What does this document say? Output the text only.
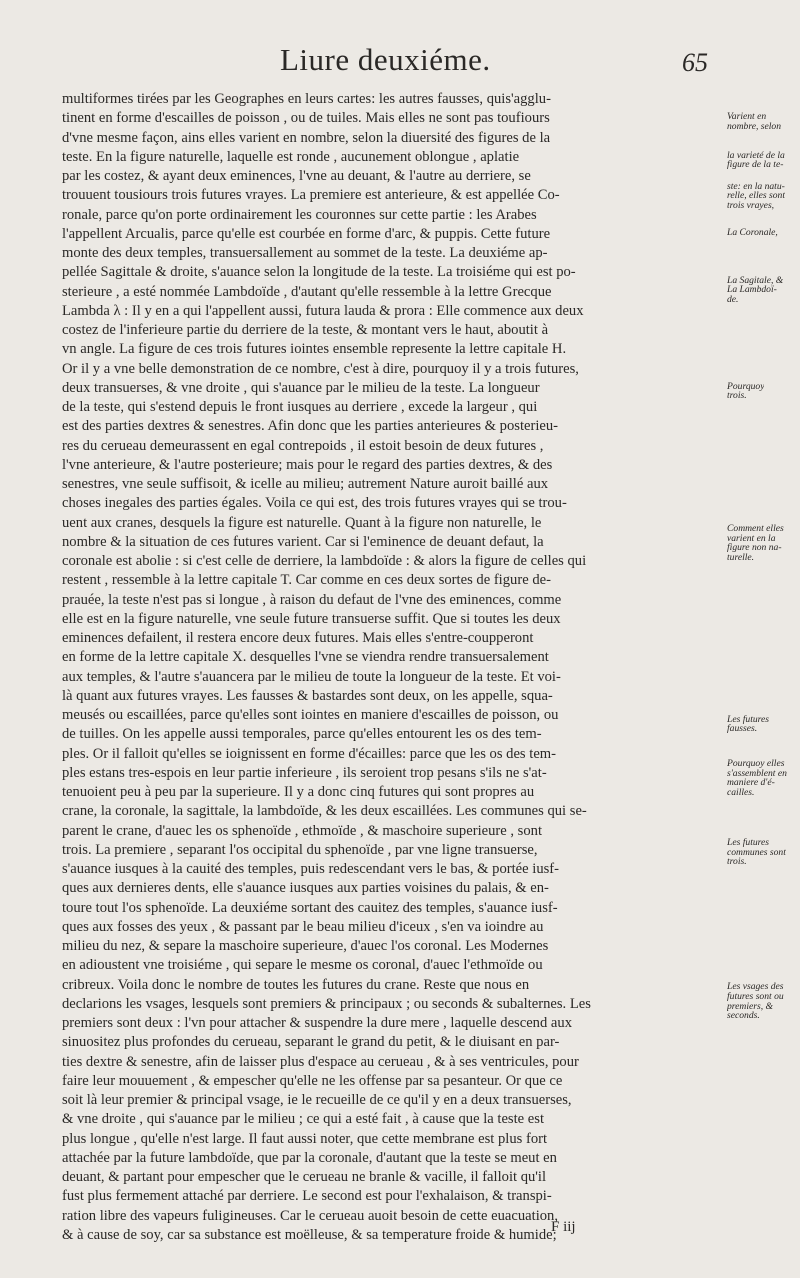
Liure deuxiéme.	65
multiformes tirées par les Geographes en leurs cartes: les autres fausses, quis'agglu-
tinent en forme d'escailles de poisson , ou de tuiles. Mais elles ne sont pas toufiours
d'vne mesme façon, ains elles varient en nombre, selon la diuersité des figures de la
teste. En la figure naturelle, laquelle est ronde , aucunement oblongue , aplatie
par les costez, & ayant deux eminences, l'vne au deuant, & l'autre au derriere, se
trouuent tousiours trois futures vrayes. La premiere est anterieure, & est appellée Co-
ronale, parce qu'on porte ordinairement les couronnes sur cette partie : les Arabes
l'appellent Arcualis, parce qu'elle est courbée en forme d'arc, & puppis. Cette future
monte des deux temples, transuersallement au sommet de la teste. La deuxiéme ap-
pellée Sagittale & droite, s'auance selon la longitude de la teste. La troisiéme qui est po-
sterieure , a esté nommée Lambdoïde , d'autant qu'elle ressemble à la lettre Grecque
Lambda λ : Il y en a qui l'appellent aussi, futura lauda & prora : Elle commence aux deux
costez de l'inferieure partie du derriere de la teste, & montant vers le haut, aboutit à
vn angle. La figure de ces trois futures iointes ensemble represente la lettre capitale H.
Or il y a vne belle demonstration de ce nombre, c'est à dire, pourquoy il y a trois futures,
deux transuerses, & vne droite , qui s'auance par le milieu de la teste. La longueur
de la teste, qui s'estend depuis le front iusques au derriere , excede la largeur , qui
est des parties dextres & senestres. Afin donc que les parties anterieures & posterieu-
res du cerueau demeurassent en egal contrepoids , il estoit besoin de deux futures ,
l'vne anterieure, & l'autre posterieure; mais pour le regard des parties dextres, & des
senestres, vne seule suffisoit, & icelle au milieu; autrement Nature auroit baillé aux
choses inegales des parties égales. Voila ce qui est, des trois futures vrayes qui se trou-
uent aux cranes, desquels la figure est naturelle. Quant à la figure non naturelle, le
nombre & la situation de ces futures varient. Car si l'eminence de deuant defaut, la
coronale est abolie : si c'est celle de derriere, la lambdoïde : & alors la figure de celles qui
restent , ressemble à la lettre capitale T. Car comme en ces deux sortes de figure de-
prauée, la teste n'est pas si longue , à raison du defaut de l'vne des eminences, comme
elle est en la figure naturelle, vne seule future transuerse suffit. Que si toutes les deux
eminences defailent, il restera encore deux futures. Mais elles s'entre-coupperont
en forme de la lettre capitale X. desquelles l'vne se viendra rendre transuersalement
aux temples, & l'autre s'auancera par le milieu de toute la longueur de la teste. Et voi-
là quant aux futures vrayes. Les fausses & bastardes sont deux, on les appelle, squa-
meusés ou escaillées, parce qu'elles sont iointes en maniere d'escailles de poisson, ou
de tuilles. On les appelle aussi temporales, parce qu'elles entourent les os des tem-
ples. Or il falloit qu'elles se ioignissent en forme d'écailles: parce que les os des tem-
ples estans tres-espois en leur partie inferieure , ils seroient trop pesans s'ils ne s'at-
tenuoient peu à peu par la superieure. Il y a donc cinq futures qui sont propres au
crane, la coronale, la sagittale, la lambdoïde, & les deux escaillées. Les communes qui se-
parent le crane, d'auec les os sphenoïde , ethmoïde , & maschoire superieure , sont
trois. La premiere , separant l'os occipital du sphenoïde , par vne ligne transuerse,
s'auance iusques à la cauité des temples, puis redescendant vers le bas, & portée iusf-
ques aux dernieres dents, elle s'auance iusques aux parties voisines du palais, & en-
toure tout l'os sphenoïde. La deuxiéme sortant des cauitez des temples, s'auance iusf-
ques aux fosses des yeux , & passant par le beau milieu d'iceux , s'en va ioindre au
milieu du nez, & separe la maschoire superieure, d'auec l'os coronal. Les Modernes
en adioustent vne troisiéme , qui separe le mesme os coronal, d'auec l'ethmoïde ou
cribreux. Voila donc le nombre de toutes les futures du crane. Reste que nous en
declarions les vsages, lesquels sont premiers & principaux ; ou seconds & subalternes. Les
premiers sont deux : l'vn pour attacher & suspendre la dure mere , laquelle descend aux
sinuositez plus profondes du cerueau, separant le grand du petit, & le diuisant en par-
ties dextre & senestre, afin de laisser plus d'espace au cerueau , & à ses ventricules, pour
faire leur mouuement , & empescher qu'elle ne les offense par sa pesanteur. Or que ce
soit là leur premier & principal vsage, ie le recueille de ce qu'il y en a deux transuerses,
& vne droite , qui s'auance par le milieu ; ce qui a esté fait , à cause que la teste est
plus longue , qu'elle n'est large. Il faut aussi noter, que cette membrane est plus fort
attachée par la future lambdoïde, que par la coronale, d'autant que la teste se meut en
deuant, & partant pour empescher que le cerueau ne branle & vacille, il falloit qu'il
fust plus fermement attaché par derriere. Le second est pour l'exhalaison, & transpi-
ration libre des vapeurs fuligineuses. Car le cerueau auoit besoin de cette euacuation,
& à cause de soy, car sa substance est moëlleuse, & sa temperature froide & humide;
Varient en
nombre, selon
la varieté de la
figure de la te-
ste: en la natu-
relle, elles sont
trois vrayes,
La Coronale,
La Sagitale, &
La Lambdoï-
de.
Pourquoy
trois.
Comment elles
varient en la
figure non na-
turelle.
Les futures
fausses.
Pourquoy elles
s'assemblent en
maniere d'é-
cailles.
Les futures
communes sont
trois.
Les vsages des
futures sont ou
premiers, &
seconds.
F iij
